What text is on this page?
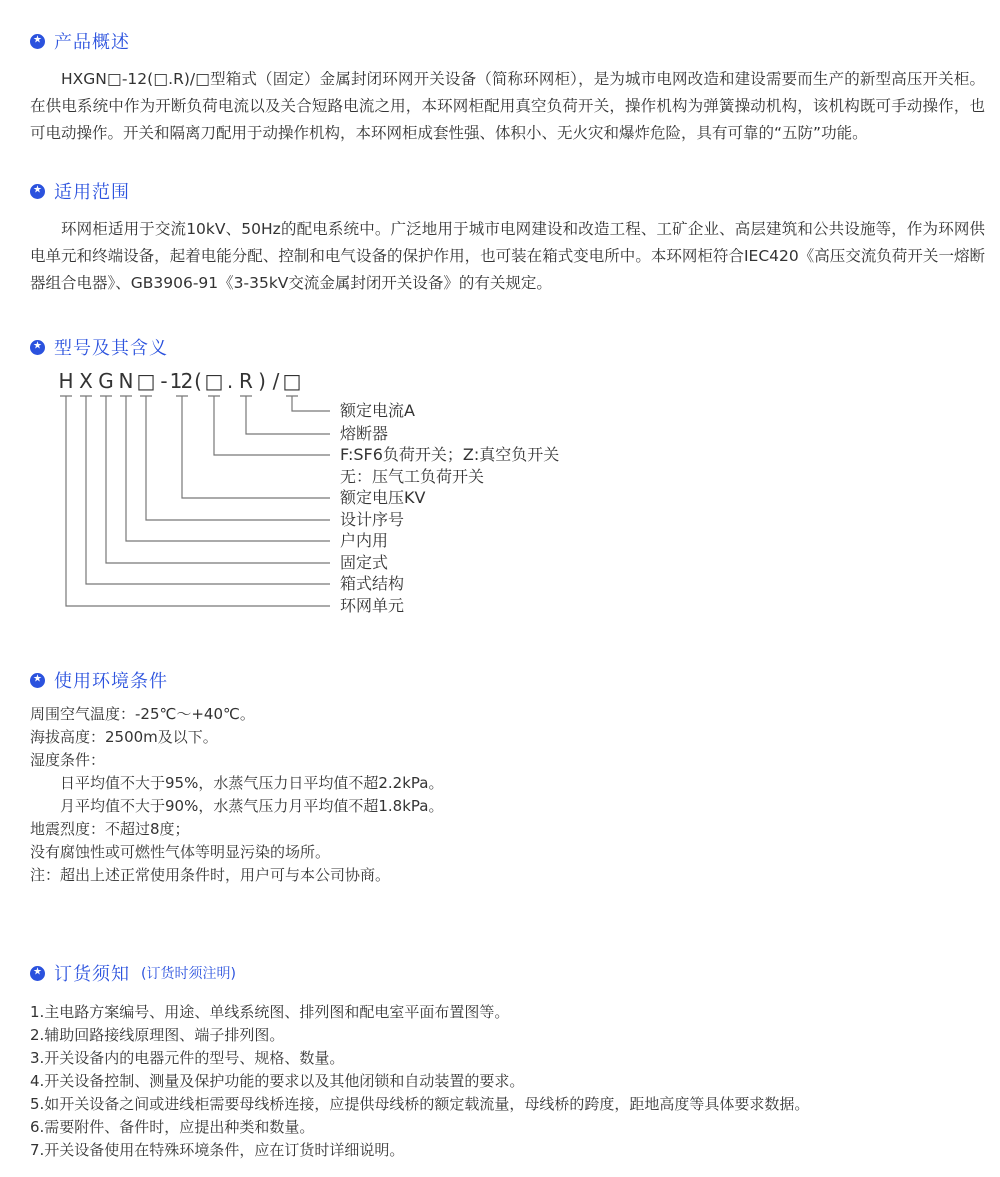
★ 产品概述

HXGN□-12(□.R)/□型箱式（固定）金属封闭环网开关设备（简称环网柜），是为城市电网改造和建设需要而生产的新型高压开关柜。在供电系统中作为开断负荷电流以及关合短路电流之用，本环网柜配用真空负荷开关，操作机构为弹簧操动机构，该机构既可手动操作，也可电动操作。开关和隔离刀配用于动操作机构，本环网柜成套性强、体积小、无火灾和爆炸危险，具有可靠的“五防”功能。

★ 适用范围

环网柜适用于交流10kV、50Hz的配电系统中。广泛地用于城市电网建设和改造工程、工矿企业、高层建筑和公共设施等，作为环网供电单元和终端设备，起着电能分配、控制和电气设备的保护作用，也可装在箱式变电所中。本环网柜符合IEC420《高压交流负荷开关一熔断器组合电器》、GB3906-91《3-35kV交流金属封闭开关设备》的有关规定。

★ 型号及其含义
HXGN□-12(□.R)/□
额定电流A
熔断器
F:SF6负荷开关；Z:真空负开关
无：压气工负荷开关
额定电压KV
设计序号
户内用
固定式
箱式结构
环网单元
★ 使用环境条件
周围空气温度：-25℃～+40℃。
海拔高度：2500m及以下。
湿度条件：
日平均值不大于95%，水蒸气压力日平均值不超2.2kPa。
月平均值不大于90%，水蒸气压力月平均值不超1.8kPa。
地震烈度：不超过8度；
没有腐蚀性或可燃性气体等明显污染的场所。
注：超出上述正常使用条件时，用户可与本公司协商。
★ 订货须知 (订货时须注明)
1.主电路方案编号、用途、单线系统图、排列图和配电室平面布置图等。
2.辅助回路接线原理图、端子排列图。
3.开关设备内的电器元件的型号、规格、数量。
4.开关设备控制、测量及保护功能的要求以及其他闭锁和自动装置的要求。
5.如开关设备之间或进线柜需要母线桥连接，应提供母线桥的额定载流量，母线桥的跨度，距地高度等具体要求数据。
6.需要附件、备件时，应提出种类和数量。
7.开关设备使用在特殊环境条件，应在订货时详细说明。
